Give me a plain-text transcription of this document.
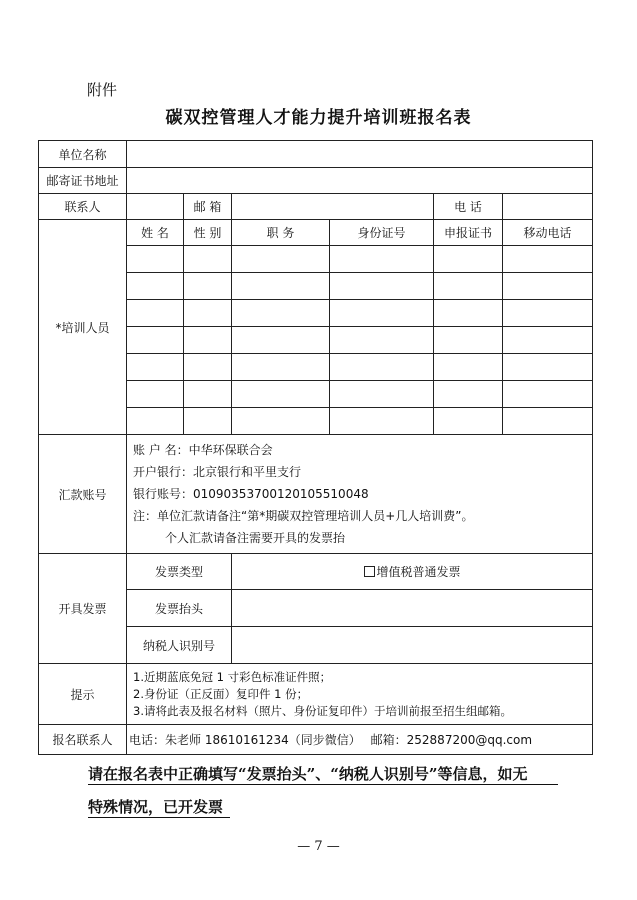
附件
碳双控管理人才能力提升培训班报名表
单位名称						
邮寄证书地址						
联系人		邮 箱			电 话	
*培训人员	姓 名	性 别	职 务	身份证号	申报证书	移动电话

汇款账号	账 户 名：中华环保联合会
开户银行：北京银行和平里支行
银行账号：01090353700120105510048
注：单位汇款请备注“第*期碳双控管理培训人员+几人培训费”。
个人汇款请备注需要开具的发票抬					

开具发票	发票类型		增值税普通发票			
	发票抬头					
	纳税人识别号					
提示	1.近期蓝底免冠 1 寸彩色标准证件照；
2.身份证（正反面）复印件 1 份；
3.请将此表及报名材料（照片、身份证复印件）于培训前报至招生组邮箱。					

报名联系人	电话：朱老师 18610161234（同步微信） 邮箱：252887200@qq.com					
请在报名表中正确填写“发票抬头”、“纳税人识别号”等信息，如无
特殊情况，已开发票
— 7 —
